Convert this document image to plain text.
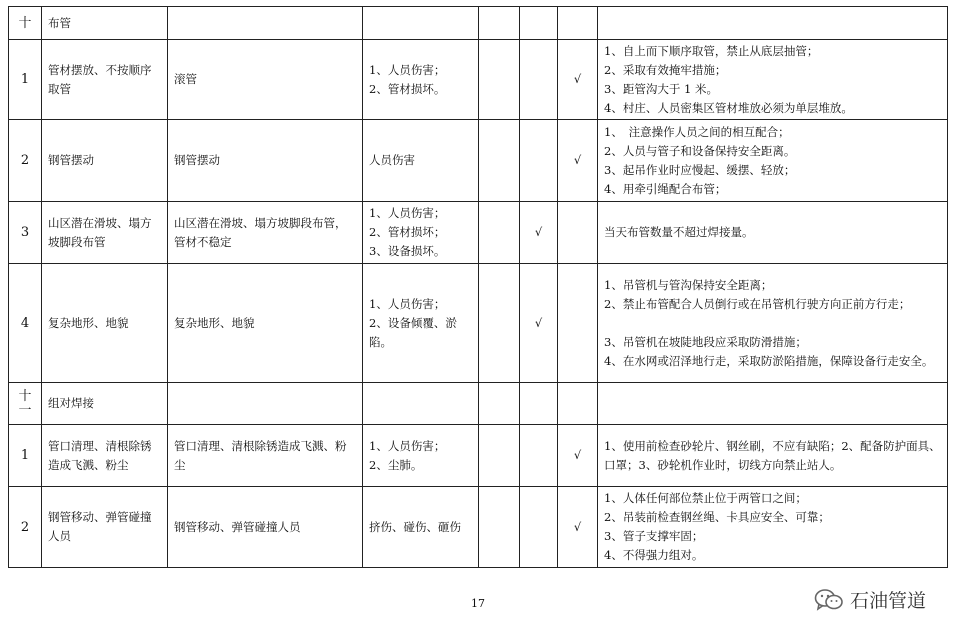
十	布管						
1	管材摆放、不按顺序取管	滚管	1、人员伤害；
2、管材损坏。			√	1、自上而下顺序取管，禁止从底层抽管；
2、采取有效掩牢措施；
3、距管沟大于 1 米。
4、村庄、人员密集区管材堆放必须为单层堆放。
2	钢管摆动	钢管摆动	人员伤害			√	1、　注意操作人员之间的相互配合；
2、人员与管子和设备保持安全距离。
3、起吊作业时应慢起、缓摆、轻放；
4、用牵引绳配合布管；
3	山区潜在滑坡、塌方坡脚段布管	山区潜在滑坡、塌方坡脚段布管，管材不稳定	1、人员伤害；
2、管材损坏；
3、设备损坏。		√		当天布管数量不超过焊接量。
4	复杂地形、地貌	复杂地形、地貌	1、人员伤害；
2、设备倾覆、淤陷。		√		1、吊管机与管沟保持安全距离；
2、禁止布管配合人员倒行或在吊管机行驶方向正前方行走；

3、吊管机在坡陡地段应采取防滑措施；
4、在水网或沼泽地行走，采取防淤陷措施，保障设备行走安全。
十一	组对焊接						
1	管口清理、清根除锈造成飞溅、粉尘	管口清理、清根除锈造成飞溅、粉尘	1、人员伤害；
2、尘肺。			√	1、使用前检查砂轮片、钢丝刷，不应有缺陷；2、配备防护面具、口罩；3、砂轮机作业时，切线方向禁止站人。
2	钢管移动、弹管碰撞人员	钢管移动、弹管碰撞人员	挤伤、碰伤、砸伤			√	1、人体任何部位禁止位于两管口之间；
2、吊装前检查钢丝绳、卡具应安全、可靠；
3、管子支撑牢固；
4、不得强力组对。
17	石油管道
